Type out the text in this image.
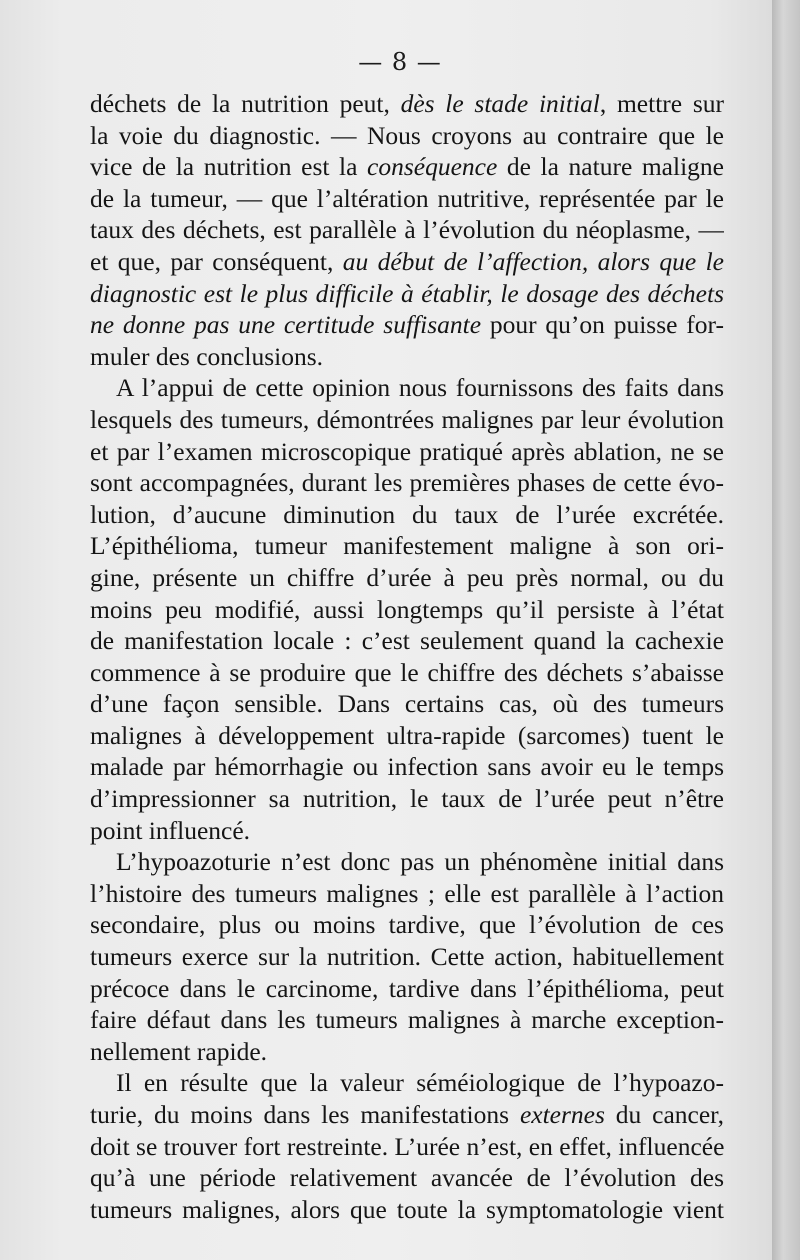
— 8 —
déchets de la nutrition peut, dès le stade initial, mettre sur
la voie du diagnostic. — Nous croyons au contraire que le
vice de la nutrition est la conséquence de la nature maligne
de la tumeur, — que l’altération nutritive, représentée par le
taux des déchets, est parallèle à l’évolution du néoplasme, —
et que, par conséquent, au début de l’affection, alors que le
diagnostic est le plus difficile à établir, le dosage des déchets
ne donne pas une certitude suffisante pour qu’on puisse for-
muler des conclusions.
A l’appui de cette opinion nous fournissons des faits dans
lesquels des tumeurs, démontrées malignes par leur évolution
et par l’examen microscopique pratiqué après ablation, ne se
sont accompagnées, durant les premières phases de cette évo-
lution, d’aucune diminution du taux de l’urée excrétée.
L’épithélioma, tumeur manifestement maligne à son ori-
gine, présente un chiffre d’urée à peu près normal, ou du
moins peu modifié, aussi longtemps qu’il persiste à l’état
de manifestation locale : c’est seulement quand la cachexie
commence à se produire que le chiffre des déchets s’abaisse
d’une façon sensible. Dans certains cas, où des tumeurs
malignes à développement ultra-rapide (sarcomes) tuent le
malade par hémorrhagie ou infection sans avoir eu le temps
d’impressionner sa nutrition, le taux de l’urée peut n’être
point influencé.
L’hypoazoturie n’est donc pas un phénomène initial dans
l’histoire des tumeurs malignes ; elle est parallèle à l’action
secondaire, plus ou moins tardive, que l’évolution de ces
tumeurs exerce sur la nutrition. Cette action, habituellement
précoce dans le carcinome, tardive dans l’épithélioma, peut
faire défaut dans les tumeurs malignes à marche exception-
nellement rapide.
Il en résulte que la valeur séméiologique de l’hypoazo-
turie, du moins dans les manifestations externes du cancer,
doit se trouver fort restreinte. L’urée n’est, en effet, influencée
qu’à une période relativement avancée de l’évolution des
tumeurs malignes, alors que toute la symptomatologie vient
